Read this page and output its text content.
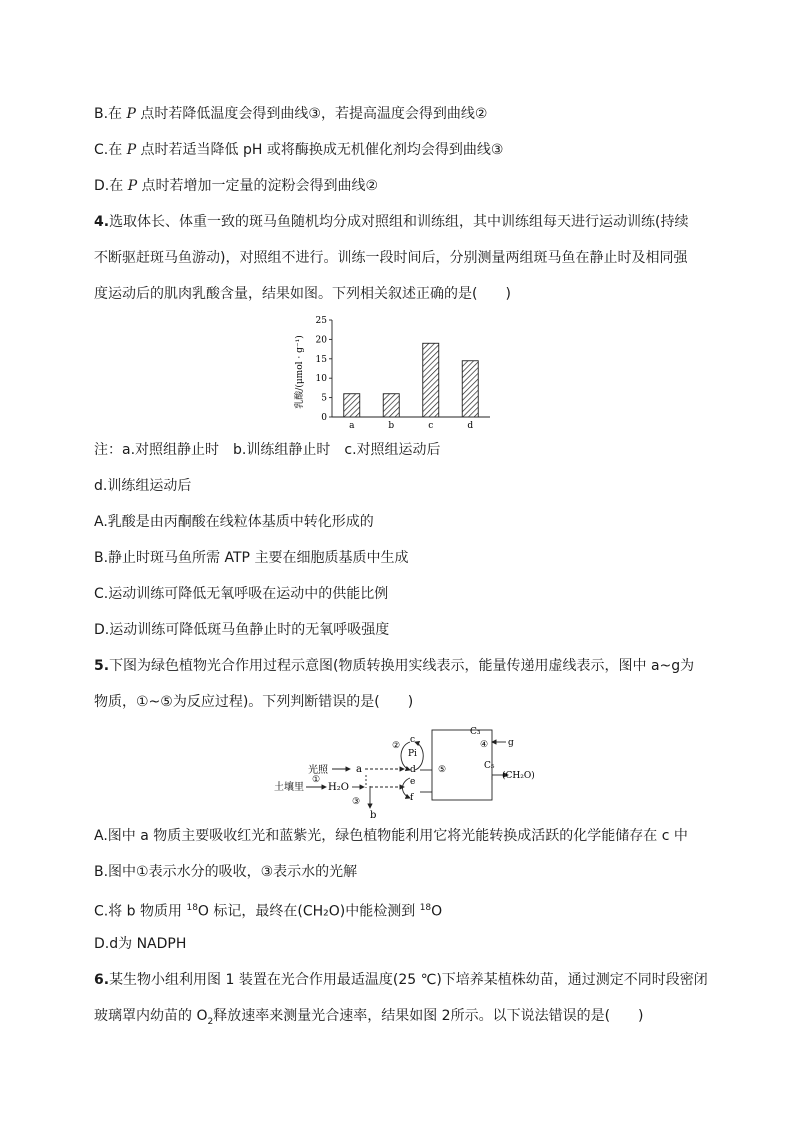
B.在 P 点时若降低温度会得到曲线③，若提高温度会得到曲线②
C.在 P 点时若适当降低 pH 或将酶换成无机催化剂均会得到曲线③
D.在 P 点时若增加一定量的淀粉会得到曲线②
4.选取体长、体重一致的斑马鱼随机均分成对照组和训练组，其中训练组每天进行运动训练(持续
不断驱赶斑马鱼游动)，对照组不进行。训练一段时间后，分别测量两组斑马鱼在静止时及相同强
度运动后的肌肉乳酸含量，结果如图。下列相关叙述正确的是(　　)
0
5
10
15
20
25
a	b	c	d
乳酸/(μmol · g⁻¹)
注：a.对照组静止时　b.训练组静止时　c.对照组运动后
d.训练组运动后
A.乳酸是由丙酮酸在线粒体基质中转化形成的
B.静止时斑马鱼所需 ATP 主要在细胞质基质中生成
C.运动训练可降低无氧呼吸在运动中的供能比例
D.运动训练可降低斑马鱼静止时的无氧呼吸强度
5.下图为绿色植物光合作用过程示意图(物质转换用实线表示，能量传递用虚线表示，图中 a~g为
物质，①~⑤为反应过程)。下列判断错误的是(　　)
光照	a
土壤里
①
H₂O
b
③
②
c
Pi
d
e
f
⑤
C₃
④ g
C₅
(CH₂O)
A.图中 a 物质主要吸收红光和蓝紫光，绿色植物能利用它将光能转换成活跃的化学能储存在 c 中
B.图中①表示水分的吸收，③表示水的光解
C.将 b 物质用 $^{18}$O 标记，最终在(CH₂O)中能检测到 $^{18}$O
D.d为 NADPH
6.某生物小组利用图 1 装置在光合作用最适温度(25 ℃)下培养某植株幼苗，通过测定不同时段密闭
玻璃罩内幼苗的 $O_2$释放速率来测量光合速率，结果如图 2所示。以下说法错误的是(　　)
